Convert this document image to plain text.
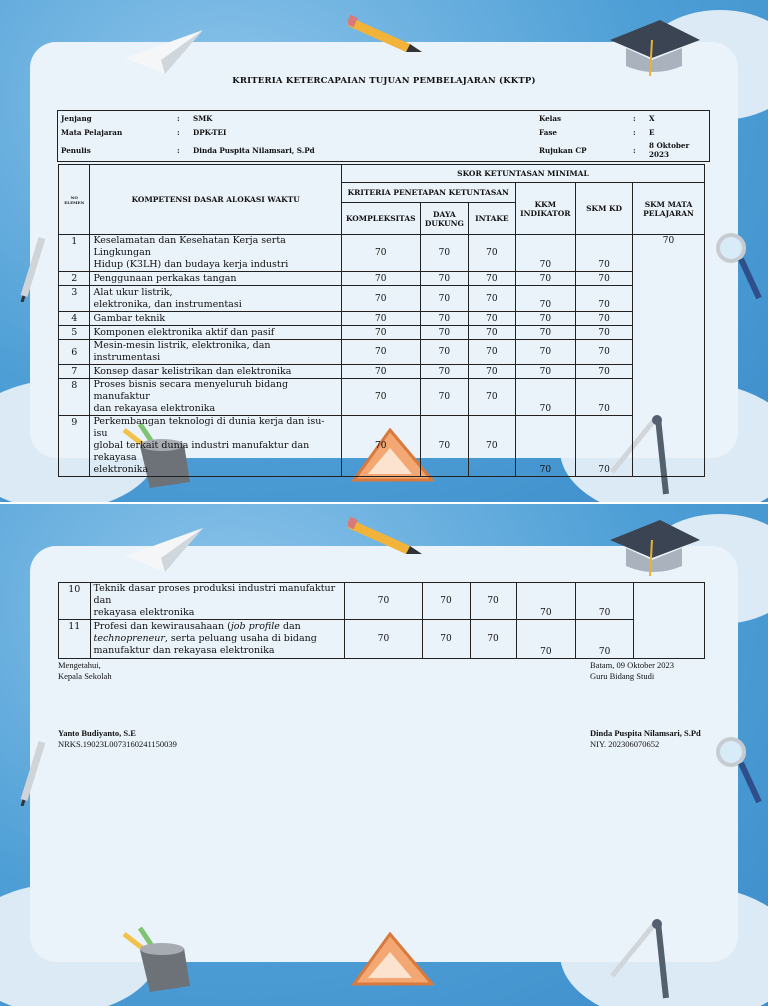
KRITERIA KETERCAPAIAN TUJUAN PEMBELAJARAN (KKTP)
Jenjang	:	SMK	Kelas	:	X
Mata Pelajaran	:	DPK-TEI	Fase	:	E
Penulis	:	Dinda Puspita Nilamsari, S.Pd	Rujukan CP	:	8 Oktober 2023
NO ELEMEN	KOMPETENSI DASAR ALOKASI WAKTU	SKOR KETUNTASAN MINIMAL					
		KRITERIA PENETAPAN KETUNTASAN			KKM INDIKATOR	SKM KD	SKM MATA PELAJARAN
		KOMPLEKSITAS	DAYA DUKUNG	INTAKE			
1	Keselamatan dan Kesehatan Kerja serta Lingkungan
Hidup (K3LH) dan budaya kerja industri	70	70	70	70	70	70
2	Penggunaan perkakas tangan	70	70	70	70	70	
3	Alat ukur listrik,
elektronika, dan instrumentasi	70	70	70	70	70	
4	Gambar teknik	70	70	70	70	70	
5	Komponen elektronika aktif dan pasif	70	70	70	70	70	
6	Mesin-mesin listrik, elektronika, dan instrumentasi	70	70	70	70	70	
7	Konsep dasar kelistrikan dan elektronika	70	70	70	70	70	
8	Proses bisnis secara menyeluruh bidang manufaktur
dan rekayasa elektronika	70	70	70	70	70	
9	Perkembangan teknologi di dunia kerja dan isu-isu
global terkait dunia industri manufaktur dan rekayasa
elektronika	70	70	70	70	70	
10	Teknik dasar proses produksi industri manufaktur dan
rekayasa elektronika	70	70	70	70	70	
11	Profesi dan kewirausahaan (job profile dan
technopreneur, serta peluang usaha di bidang
manufaktur dan rekayasa elektronika	70	70	70	70	70	
Mengetahui,
Kepala Sekolah
Yanto Budiyanto, S.E
NRKS.19023L0073160241150039
Batam, 09 Oktober 2023
Guru Bidang Studi
Dinda Puspita Nilamsari, S.Pd
NIY. 202306070652
